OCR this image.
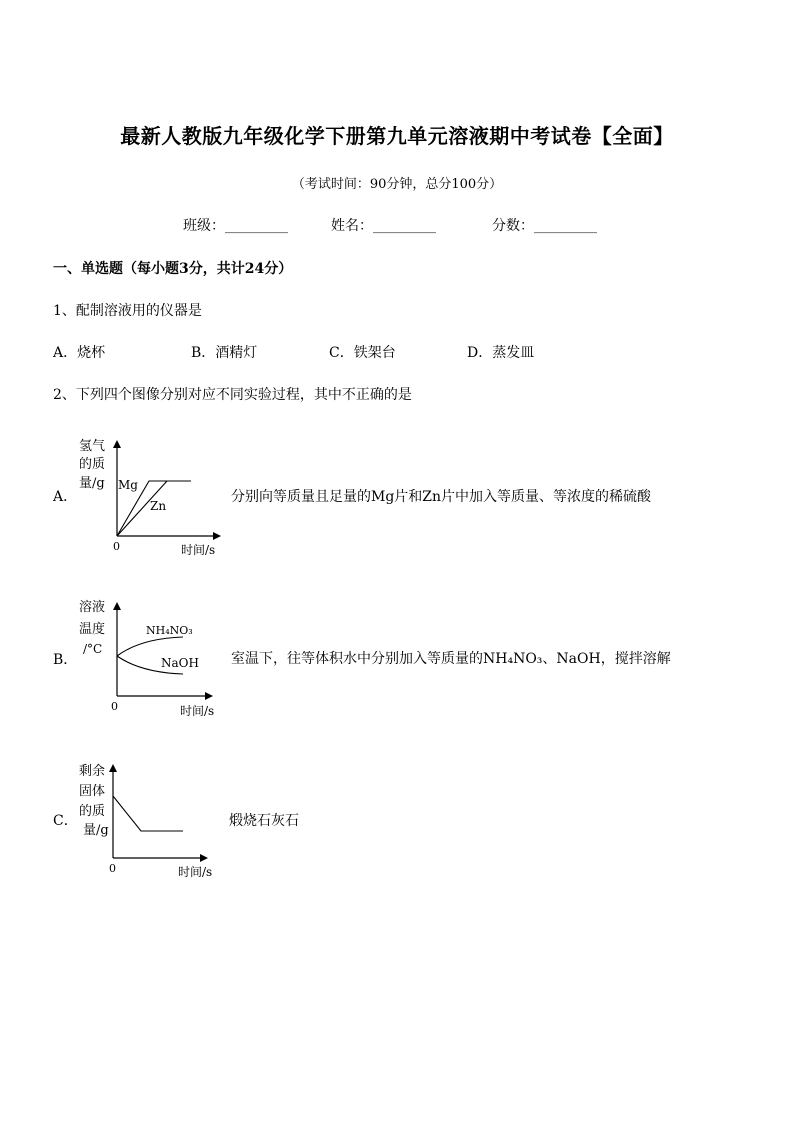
最新人教版九年级化学下册第九单元溶液期中考试卷【全面】
（考试时间：90分钟，总分100分）
班级：_________	姓名：_________	分数：_________
一、单选题（每小题3分，共计24分）
1、配制溶液用的仪器是
A．烧杯	B．酒精灯	C．铁架台	D．蒸发皿
2、下列四个图像分别对应不同实验过程，其中不正确的是
A．
氢气
的质
量/g Mg
Zn
0	时间/s
分别向等质量且足量的Mg片和Zn片中加入等质量、等浓度的稀硫酸
B．
溶液
温度
/°C
NH₄NO₃
NaOH
0	时间/s
室温下，往等体积水中分别加入等质量的NH₄NO₃、NaOH，搅拌溶解
C．
剩余
固体
的质
量/g
0	时间/s
煅烧石灰石
